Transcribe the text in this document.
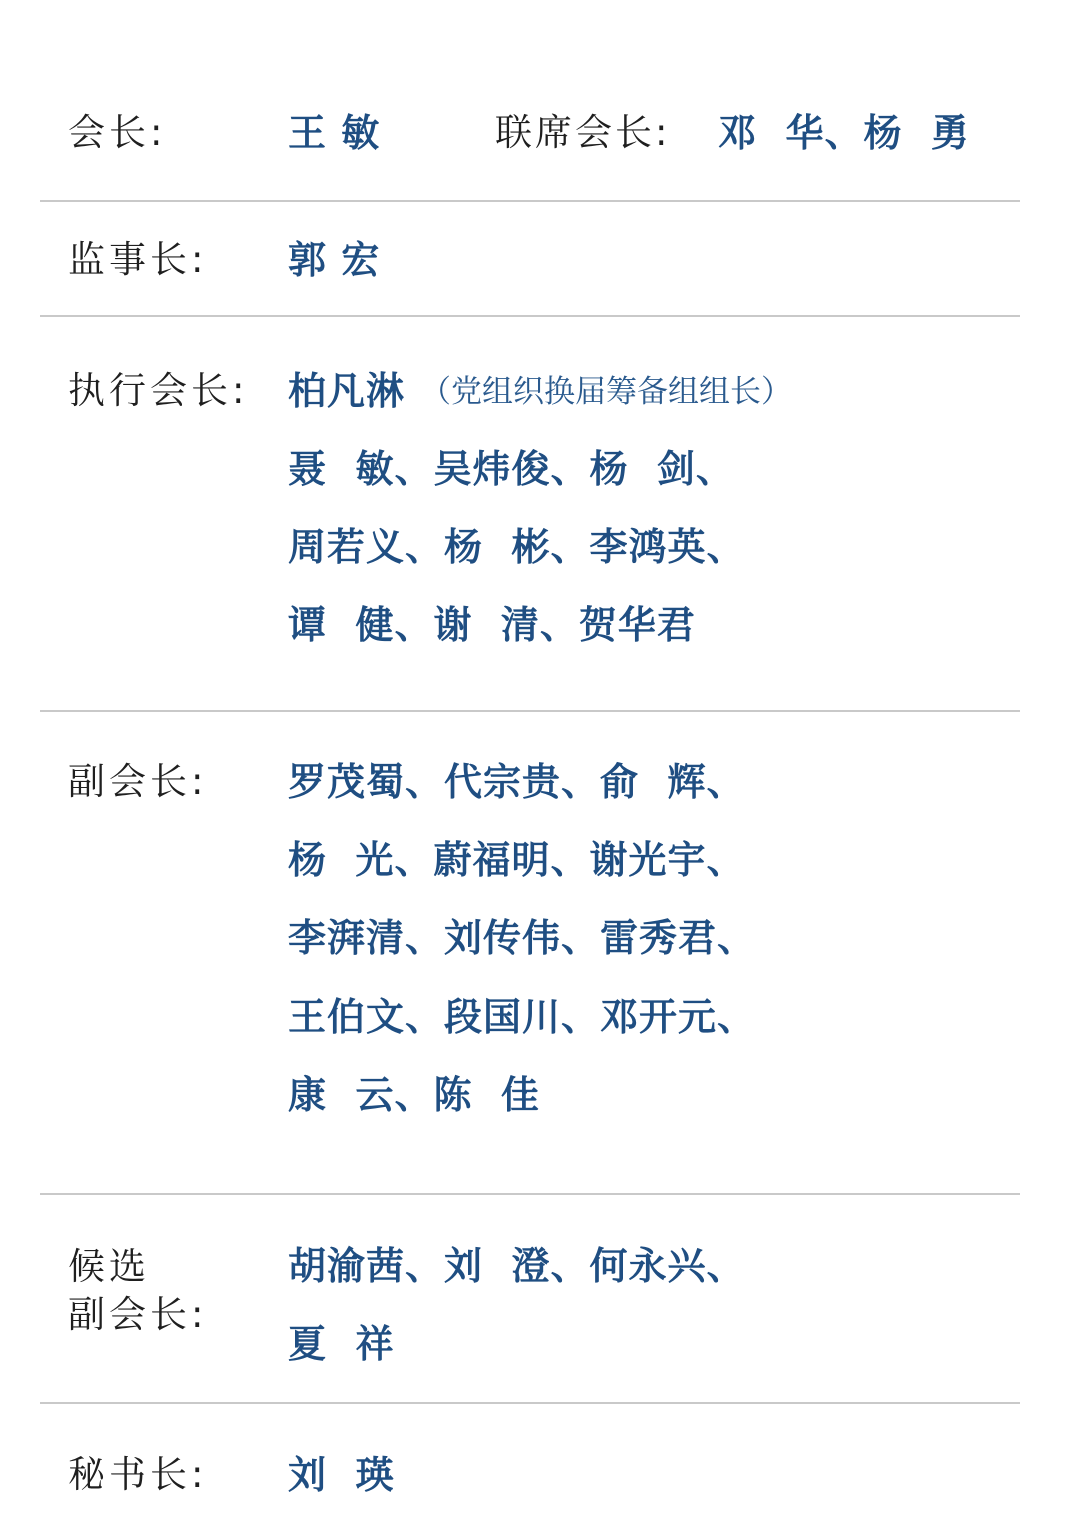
会长:	王 敏	联席会长: 邓  华、杨  勇
监事长: 郭 宏
执行会长: 柏凡淋 （党组织换届筹备组组长）
聂  敏、吴炜俊、杨  剑、
周若义、杨  彬、李鸿英、
谭  健、谢  清、贺华君
副会长: 罗茂蜀、代宗贵、俞  辉、
杨  光、蔚福明、谢光宇、
李湃清、刘传伟、雷秀君、
王伯文、段国川、邓开元、
康  云、陈  佳
候选
副会长:
胡渝茜、刘  澄、何永兴、
夏  祥
秘书长: 刘  瑛
